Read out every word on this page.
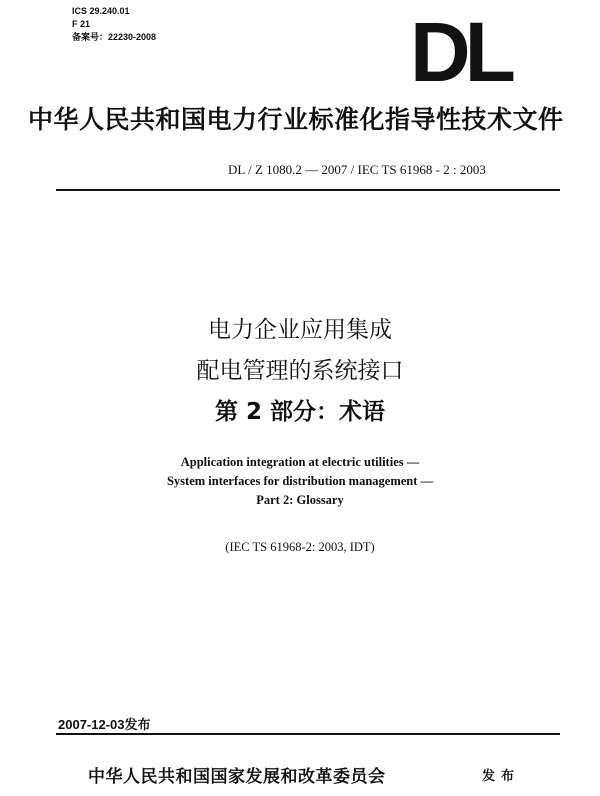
ICS 29.240.01
F 21
备案号：22230-2008	DL
中华人民共和国电力行业标准化指导性技术文件
DL / Z 1080.2 — 2007 / IEC TS 61968 - 2 : 2003
电力企业应用集成
配电管理的系统接口
第 2 部分：术语
Application integration at electric utilities —
System interfaces for distribution management —
Part 2: Glossary
(IEC TS 61968-2: 2003, IDT)
2007-12-03发布
中华人民共和国国家发展和改革委员会	发布
